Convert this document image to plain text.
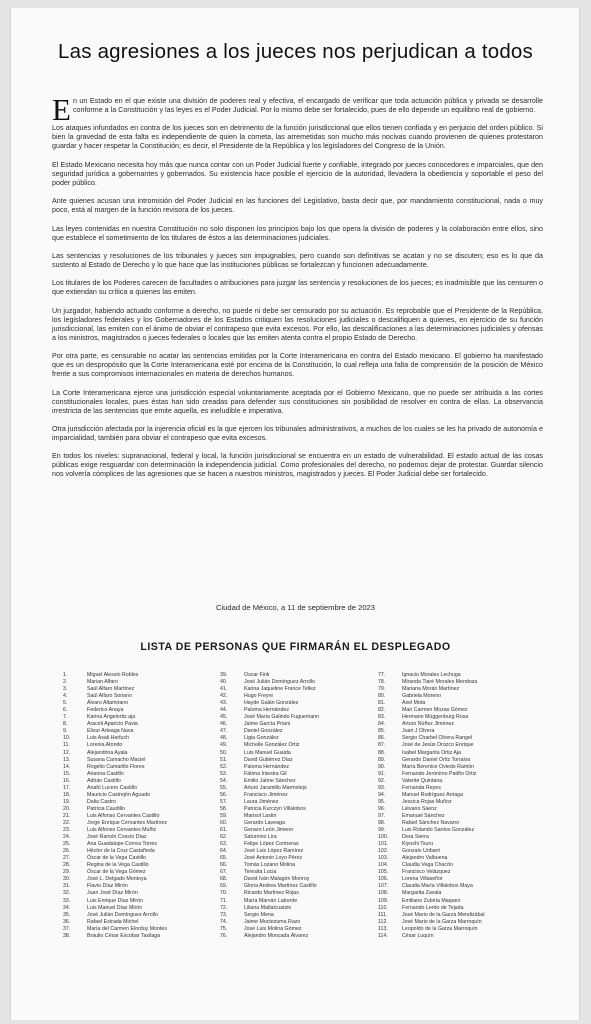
Las agresiones a los jueces nos perjudican a todos

En un Estado en el que existe una división de poderes real y efectiva, el encargado de verificar que toda actuación pública y privada se desarrolle conforme a la Constitución y las leyes es el Poder Judicial. Por lo mismo debe ser fortalecido, pues de ello depende un equilibrio real de gobierno.

Los ataques infundados en contra de los jueces son en detrimento de la función jurisdiccional que ellos tienen confiada y en perjuicio del orden público. Si bien la gravedad de esta falta es independiente de quien la cometa, las arremetidas son mucho más nocivas cuando provienen de quienes protestaron guardar y hacer respetar la Constitución; es decir, el Presidente de la República y los legisladores del Congreso de la Unión.

El Estado Mexicano necesita hoy más que nunca contar con un Poder Judicial fuerte y confiable, integrado por jueces conocedores e imparciales, que den seguridad jurídica a gobernantes y gobernados. Su existencia hace posible el ejercicio de la autoridad, llevadera la obediencia y soportable el peso del poder público.

Ante quienes acusan una intromisión del Poder Judicial en las funciones del Legislativo, basta decir que, por mandamiento constitucional, nada o muy poco, está al margen de la función revisora de los jueces.

Las leyes contenidas en nuestra Constitución no solo disponen los principios bajo los que opera la división de poderes y la colaboración entre ellos, sino que establece el sometimiento de los titulares de éstos a las determinaciones judiciales.

Las sentencias y resoluciones de los tribunales y jueces son impugnables, pero cuando son definitivas se acatan y no se discuten; eso es lo que da sustento al Estado de Derecho y lo que hace que las instituciones públicas se fortalezcan y funcionen adecuadamente.

Los titulares de los Poderes carecen de facultades o atribuciones para juzgar las sentencia y resoluciones de los jueces; es inadmisible que las censuren o que extiendan su crítica a quienes las emiten.

Un juzgador, habiendo actuado conforme a derecho, no puede ni debe ser censurado por su actuación. Es reprobable que el Presidente de la República, los legisladores federales y los Gobernadores de los Estados critiquen las resoluciones judiciales o descalifiquen a quienes, en ejercicio de su función jurisdiccional, las emiten con el ánimo de obviar el contrapeso que evita excesos. Por ello, las descalificaciones a las determinaciones judiciales y ofensas a los ministros, magistrados o jueces federales o locales que las emiten atenta contra el propio Estado de Derecho.

Por otra parte, es censurable no acatar las sentencias emitidas por la Corte Interamericana en contra del Estado mexicano. El gobierno ha manifestado que es un despropósito que la Corte Interamericana esté por encima de la Constitución, lo cual refleja una falta de comprensión de la posición de México frente a sus compromisos internacionales en materia de derechos humanos.

La Corte Interamericana ejerce una jurisdicción especial voluntariamente aceptada por el Gobierno Mexicano, que no puede ser atribuida a las cortes constitucionales locales, pues éstas han sido creadas para defender sus constituciones sin posibilidad de resolver en contra de ellas. La observancia irrestricta de las sentencias que emite aquella, es ineludible e imperativa.

Otra jurisdicción afectada por la injerencia oficial es la que ejercen los tribunales administrativos, a muchos de los cuales se les ha privado de autonomía e imparcialidad, también para obviar el contrapeso que evita excesos.

En todos los niveles: supranacional, federal y local, la función jurisdiccional se encuentra en un estado de vulnerabilidad. El estado actual de las cosas públicas exige resguardar con determinación la independencia judicial. Como profesionales del derecho, no podemos dejar de protestar. Guardar silencio nos volvería cómplices de las agresiones que se hacen a nuestros ministros, magistrados y jueces. El Poder Judicial debe ser fortalecido.

Ciudad de México, a 11 de septiembre de 2023
LISTA DE PERSONAS QUE FIRMARÁN EL DESPLEGADO
1.	Miguel Alessio Robles
2.	Marian Alfaro
3.	Saúl Alfaro Martínez
4.	Saúl Alfaro Soriano
5.	Álvaro Altamirano
6.	Federico Anaya
7.	Karina Angelortiz aja
8.	Araceli Aparicio Pavia
9.	Elisur Arteaga Nava
10.	Luis Asali Harfuch
11.	Lorenia Atondo
12.	Alejandrina Ayala
13.	Susana Camacho Maciel
14.	Rogelio Camarillo Flores
15.	Arianna Castillo
16.	Adrián Castillo
17.	Anahí Lucero Castillo
18.	Mauricio Castrejón Aguado
19.	Dalia Castro
20.	Patricia Caudillo
21.	Luis Alfonso Cervantes Castillo
22.	Jorge Enrique Cervantes Martínez
23.	Luis Alfonso Cervantes Muñiz
24.	José Ramón Cossío Díaz
25.	Ana Guadalupe Correa Torres
26.	Héctor de la Cruz Castañeda
27.	Óscar de la Vega Castillo
28.	Regina de la Vega Castillo
29.	Óscar de la Vega Gómez
30.	José L. Delgado Montoya
31.	Flavio Díaz Mirón
32.	Juan José Díaz Mirón
33.	Luis Enrique Díaz Mirón
34.	Luis Manuel Díaz Mirón
35.	José Julián Domínguez Arrollo
36.	Rafael Estrada Michel
37.	María del Carmen Elorduy Montes
38.	Braulio César Escobar Taxilaga
39.	Oscar Fink
40.	José Julián Domínguez Arrollo
41.	Karina Jaqueline France Tellez
42.	Hugo Freyre
43.	Hayde Galán González
44.	Paloma Hernández
45.	José María Galindo Fuguemann
46.	Jaime García Priani
47.	Daniel González
48.	Ligia González
49.	Michelle González Ortiz
50.	Luis Manuel Guaida
51.	David Gutiérrez Díaz
52.	Paloma Hernández
53.	Fátima Iniestra Gil
54.	Emilio Jaime Sánchez
55.	Arturo Jaramillo Marmolejo
56.	Francisco Jiménez
57.	Laura Jiménez
58.	Patricia Kurczyn Villalobos
59.	Marisol Lastiri
60.	Gerardo Laveaga
61.	Genaro León Jimeno
62.	Saturnino Lira
63.	Felipe López Contreras
64.	José Luis López Ramírez
65.	José Antonio Loyo Pérez
66.	Tomás Lozano Molina
67.	Teresita Lucia
68.	David Iván Malagón Monroy
69.	Gloria Andrea Martínez Castillo
70.	Ricardo Martínez Rojas
71.	María Marván Laborde
72.	Liliana Matlalcuatzin
73.	Sergio Mena
74.	Jaime Moctezuma Razo
75.	José Luis Molina Gómez
76.	Alejandro Moncada Álvarez
77.	Ignacio Morales Lechuga
78.	Miranda Tiaré Morales Mendoza
79.	Mariana Morán Martínez
80.	Gabriela Moreno
81.	Axel Mota
82.	Mari Carmen Mozas Gómez
83.	Hermann Müggenburg Rosa
84.	Arturo Núñez Jiménez
85.	Juan J Olvera
86.	Sergio Charbel Olvera Rangel
87.	José de Jesús Orozco Enrique
88.	Isabel Margarita Ortiz Aja
89.	Gerardo Daniel Ortiz Torralva
90.	María Berenice Oviedo Ramón
91.	Fernando Jerónimo Patiño Ortiz
92.	Valente Quintana.
93.	Fernanda Reyes
94.	Manuel Rodríguez Arriaga
95.	Jessica Rojas Muñoz
96.	Liévano Sáenz
97.	Emanuel Sánchez
98.	Rafael Sánchez Navarro
99.	Luis Rolando Santos González
100.	Dora Sierra
101.	Kiyoshi Tsuru
102.	Gonzalo Uribarri
103.	Alejandro Valbuena
104.	Claudia Vega Chacón
105.	Francisco Velázquez
106.	Lorena Villaseñor
107.	Claudia María Villalobos Maya
108.	Margarita Zavala
109.	Emiliano Zubiría Maqueo
110.	Fernando Lerdo de Tejada
111.	José Mario de la Garza Mendizábal
112.	José Mario de la Garza Marroquín
113.	Leopoldo de la Garza Marroquín
114.	César Luquín
